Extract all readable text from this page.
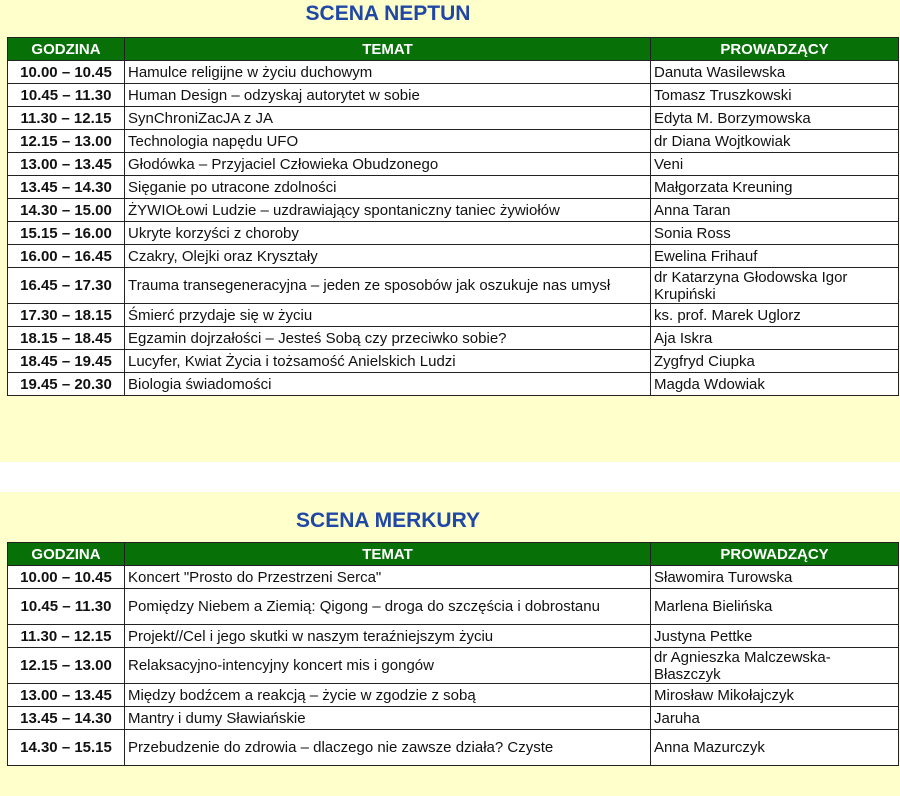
SCENA NEPTUN
GODZINA	TEMAT	PROWADZĄCY
10.00 – 10.45	Hamulce religijne w życiu duchowym	Danuta Wasilewska
10.45 – 11.30	Human Design – odzyskaj autorytet w sobie	Tomasz Truszkowski
11.30 – 12.15	SynChroniZacJA z JA	Edyta M. Borzymowska
12.15 – 13.00	Technologia napędu UFO	dr Diana Wojtkowiak
13.00 – 13.45	Głodówka – Przyjaciel Człowieka Obudzonego	Veni
13.45 – 14.30	Sięganie po utracone zdolności	Małgorzata Kreuning
14.30 – 15.00	ŻYWIOŁowi Ludzie – uzdrawiający spontaniczny taniec żywiołów	Anna Taran
15.15 – 16.00	Ukryte korzyści z choroby	Sonia Ross
16.00 – 16.45	Czakry, Olejki oraz Kryształy	Ewelina Frihauf
16.45 – 17.30	Trauma transegeneracyjna – jeden ze sposobów jak oszukuje nas umysł	dr Katarzyna Głodowska Igor Krupiński
17.30 – 18.15	Śmierć przydaje się w życiu	ks. prof. Marek Uglorz
18.15 – 18.45	Egzamin dojrzałości – Jesteś Sobą czy przeciwko sobie?	Aja Iskra
18.45 – 19.45	Lucyfer, Kwiat Życia i tożsamość Anielskich Ludzi	Zygfryd Ciupka
19.45 – 20.30	Biologia świadomości	Magda Wdowiak
SCENA MERKURY
GODZINA	TEMAT	PROWADZĄCY
10.00 – 10.45	Koncert "Prosto do Przestrzeni Serca"	Sławomira Turowska
10.45 – 11.30	Pomiędzy Niebem a Ziemią: Qigong – droga do szczęścia i dobrostanu	Marlena Bielińska
11.30 – 12.15	Projekt//Cel i jego skutki w naszym teraźniejszym życiu	Justyna Pettke
12.15 – 13.00	Relaksacyjno-intencyjny koncert mis i gongów	dr Agnieszka Malczewska-Błaszczyk
13.00 – 13.45	Między bodźcem a reakcją – życie w zgodzie z sobą	Mirosław Mikołajczyk
13.45 – 14.30	Mantry i dumy Sławiańskie	Jaruha
14.30 – 15.15	Przebudzenie do zdrowia – dlaczego nie zawsze działa? Czyste	Anna Mazurczyk
